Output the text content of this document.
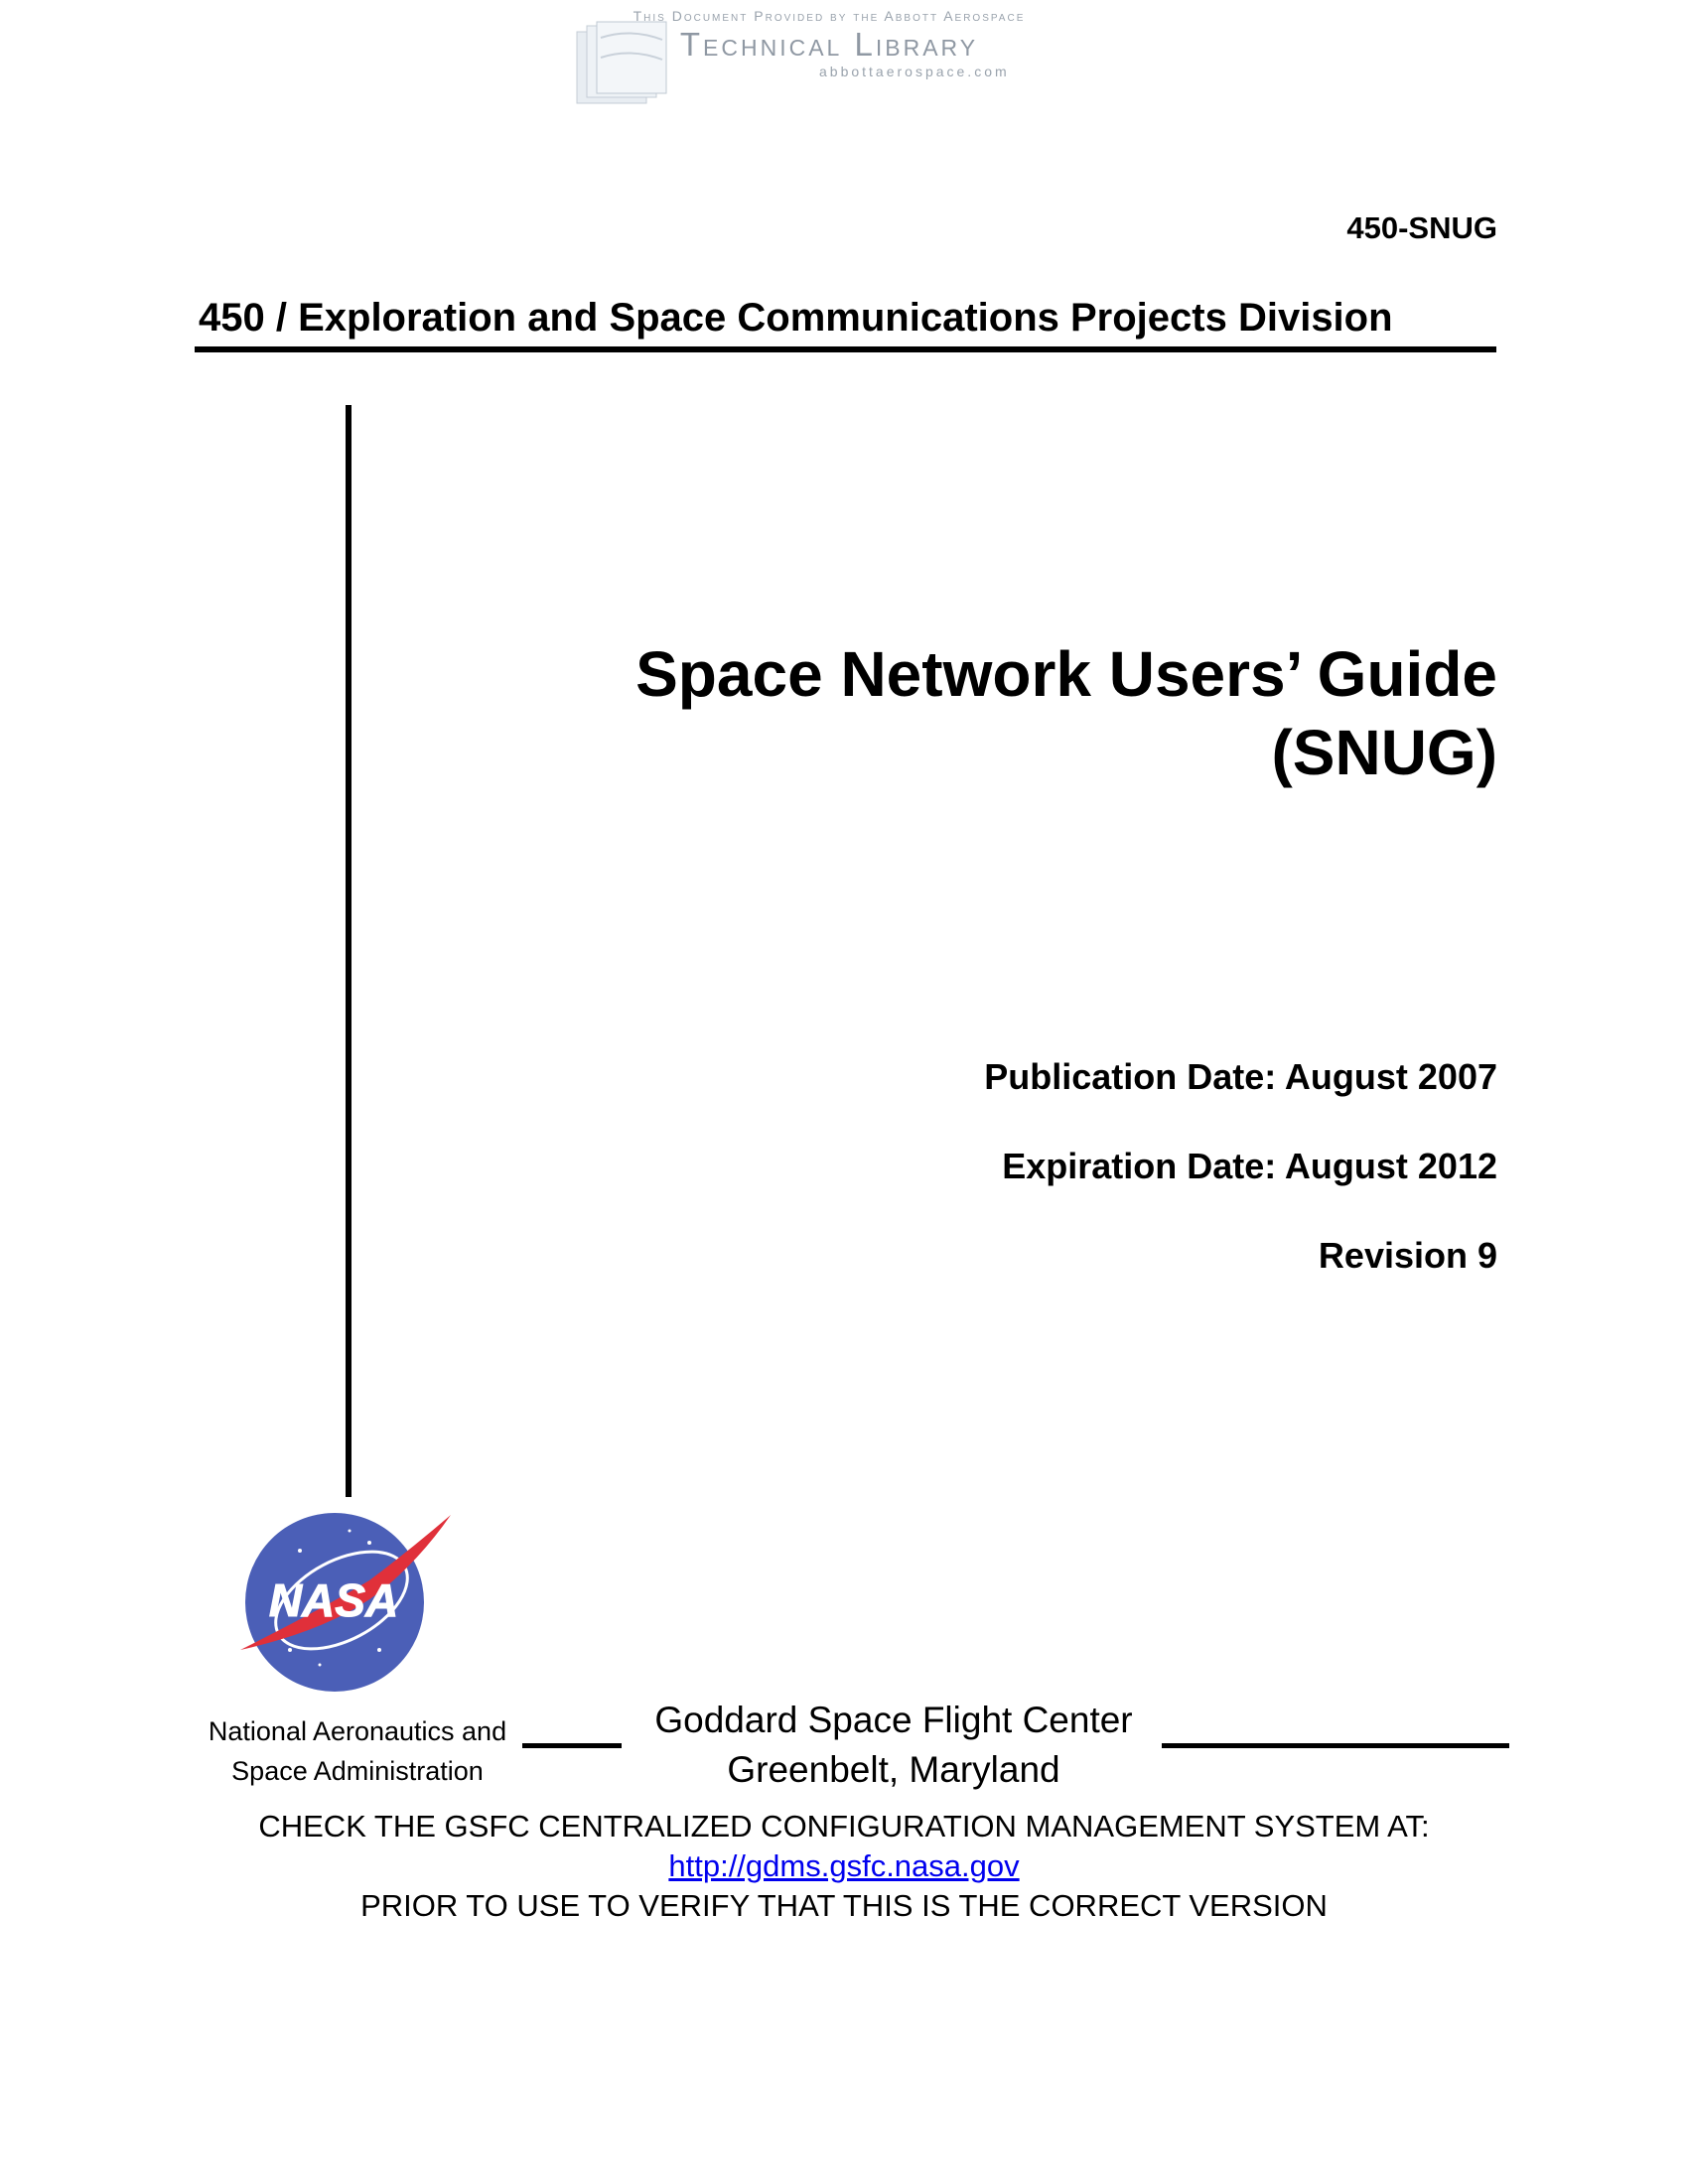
This Document Provided by the Abbott Aerospace
Technical Library
abbottaerospace.com
450-SNUG
450 / Exploration and Space Communications Projects Division
Space Network Users’ Guide
(SNUG)
Publication Date: August 2007
Expiration Date: August 2012
Revision 9
NASA
National Aeronautics and
Space Administration
Goddard Space Flight Center
Greenbelt, Maryland
CHECK THE GSFC CENTRALIZED CONFIGURATION MANAGEMENT SYSTEM AT:
http://gdms.gsfc.nasa.gov
PRIOR TO USE TO VERIFY THAT THIS IS THE CORRECT VERSION
